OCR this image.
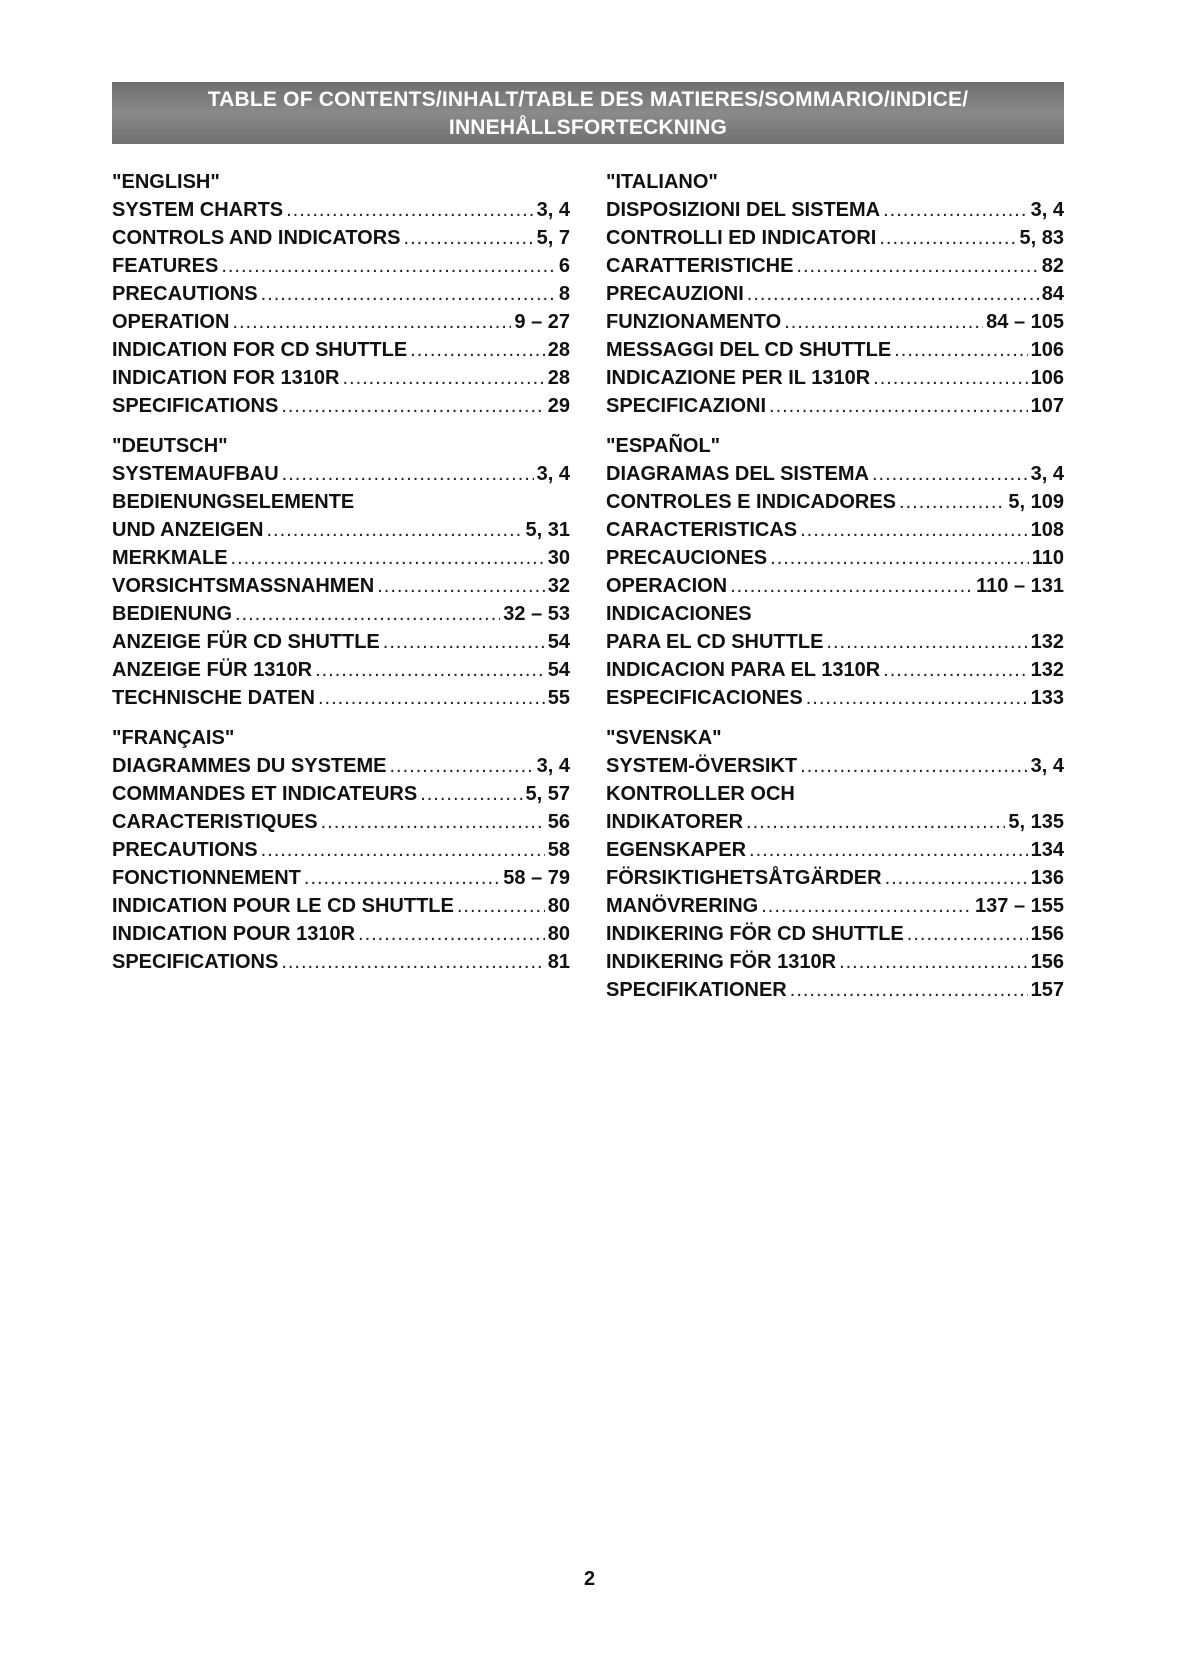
TABLE OF CONTENTS/INHALT/TABLE DES MATIERES/SOMMARIO/INDICE/
INNEHÅLLSFORTECKNING
"ENGLISH"
SYSTEM CHARTS .....	3, 4
CONTROLS AND INDICATORS .....	5, 7
FEATURES .....	6
PRECAUTIONS .....	8
OPERATION .....	9 – 27
INDICATION FOR CD SHUTTLE .....	28
INDICATION FOR 1310R .....	28
SPECIFICATIONS .....	29
"DEUTSCH"
SYSTEMAUFBAU .....	3, 4
BEDIENUNGSELEMENTE
UND ANZEIGEN .....	5, 31
MERKMALE .....	30
VORSICHTSMASSNAHMEN .....	32
BEDIENUNG .....	32 – 53
ANZEIGE FÜR CD SHUTTLE .....	54
ANZEIGE FÜR 1310R .....	54
TECHNISCHE DATEN .....	55
"FRANÇAIS"
DIAGRAMMES DU SYSTEME .....	3, 4
COMMANDES ET INDICATEURS .....	5, 57
CARACTERISTIQUES .....	56
PRECAUTIONS .....	58
FONCTIONNEMENT .....	58 – 79
INDICATION POUR LE CD SHUTTLE .....	80
INDICATION POUR 1310R .....	80
SPECIFICATIONS .....	81
"ITALIANO"
DISPOSIZIONI DEL SISTEMA .....	3, 4
CONTROLLI ED INDICATORI .....	5, 83
CARATTERISTICHE .....	82
PRECAUZIONI .....	84
FUNZIONAMENTO .....	84 – 105
MESSAGGI DEL CD SHUTTLE .....	106
INDICAZIONE PER IL 1310R .....	106
SPECIFICAZIONI .....	107
"ESPAÑOL"
DIAGRAMAS DEL SISTEMA .....	3, 4
CONTROLES E INDICADORES .....	5, 109
CARACTERISTICAS .....	108
PRECAUCIONES .....	110
OPERACION .....	110 – 131
INDICACIONES
PARA EL CD SHUTTLE .....	132
INDICACION PARA EL 1310R .....	132
ESPECIFICACIONES .....	133
"SVENSKA"
SYSTEM-ÖVERSIKT .....	3, 4
KONTROLLER OCH
INDIKATORER .....	5, 135
EGENSKAPER .....	134
FÖRSIKTIGHETSÅTGÄRDER .....	136
MANÖVRERING .....	137 – 155
INDIKERING FÖR CD SHUTTLE .....	156
INDIKERING FÖR 1310R .....	156
SPECIFIKATIONER .....	157
2
